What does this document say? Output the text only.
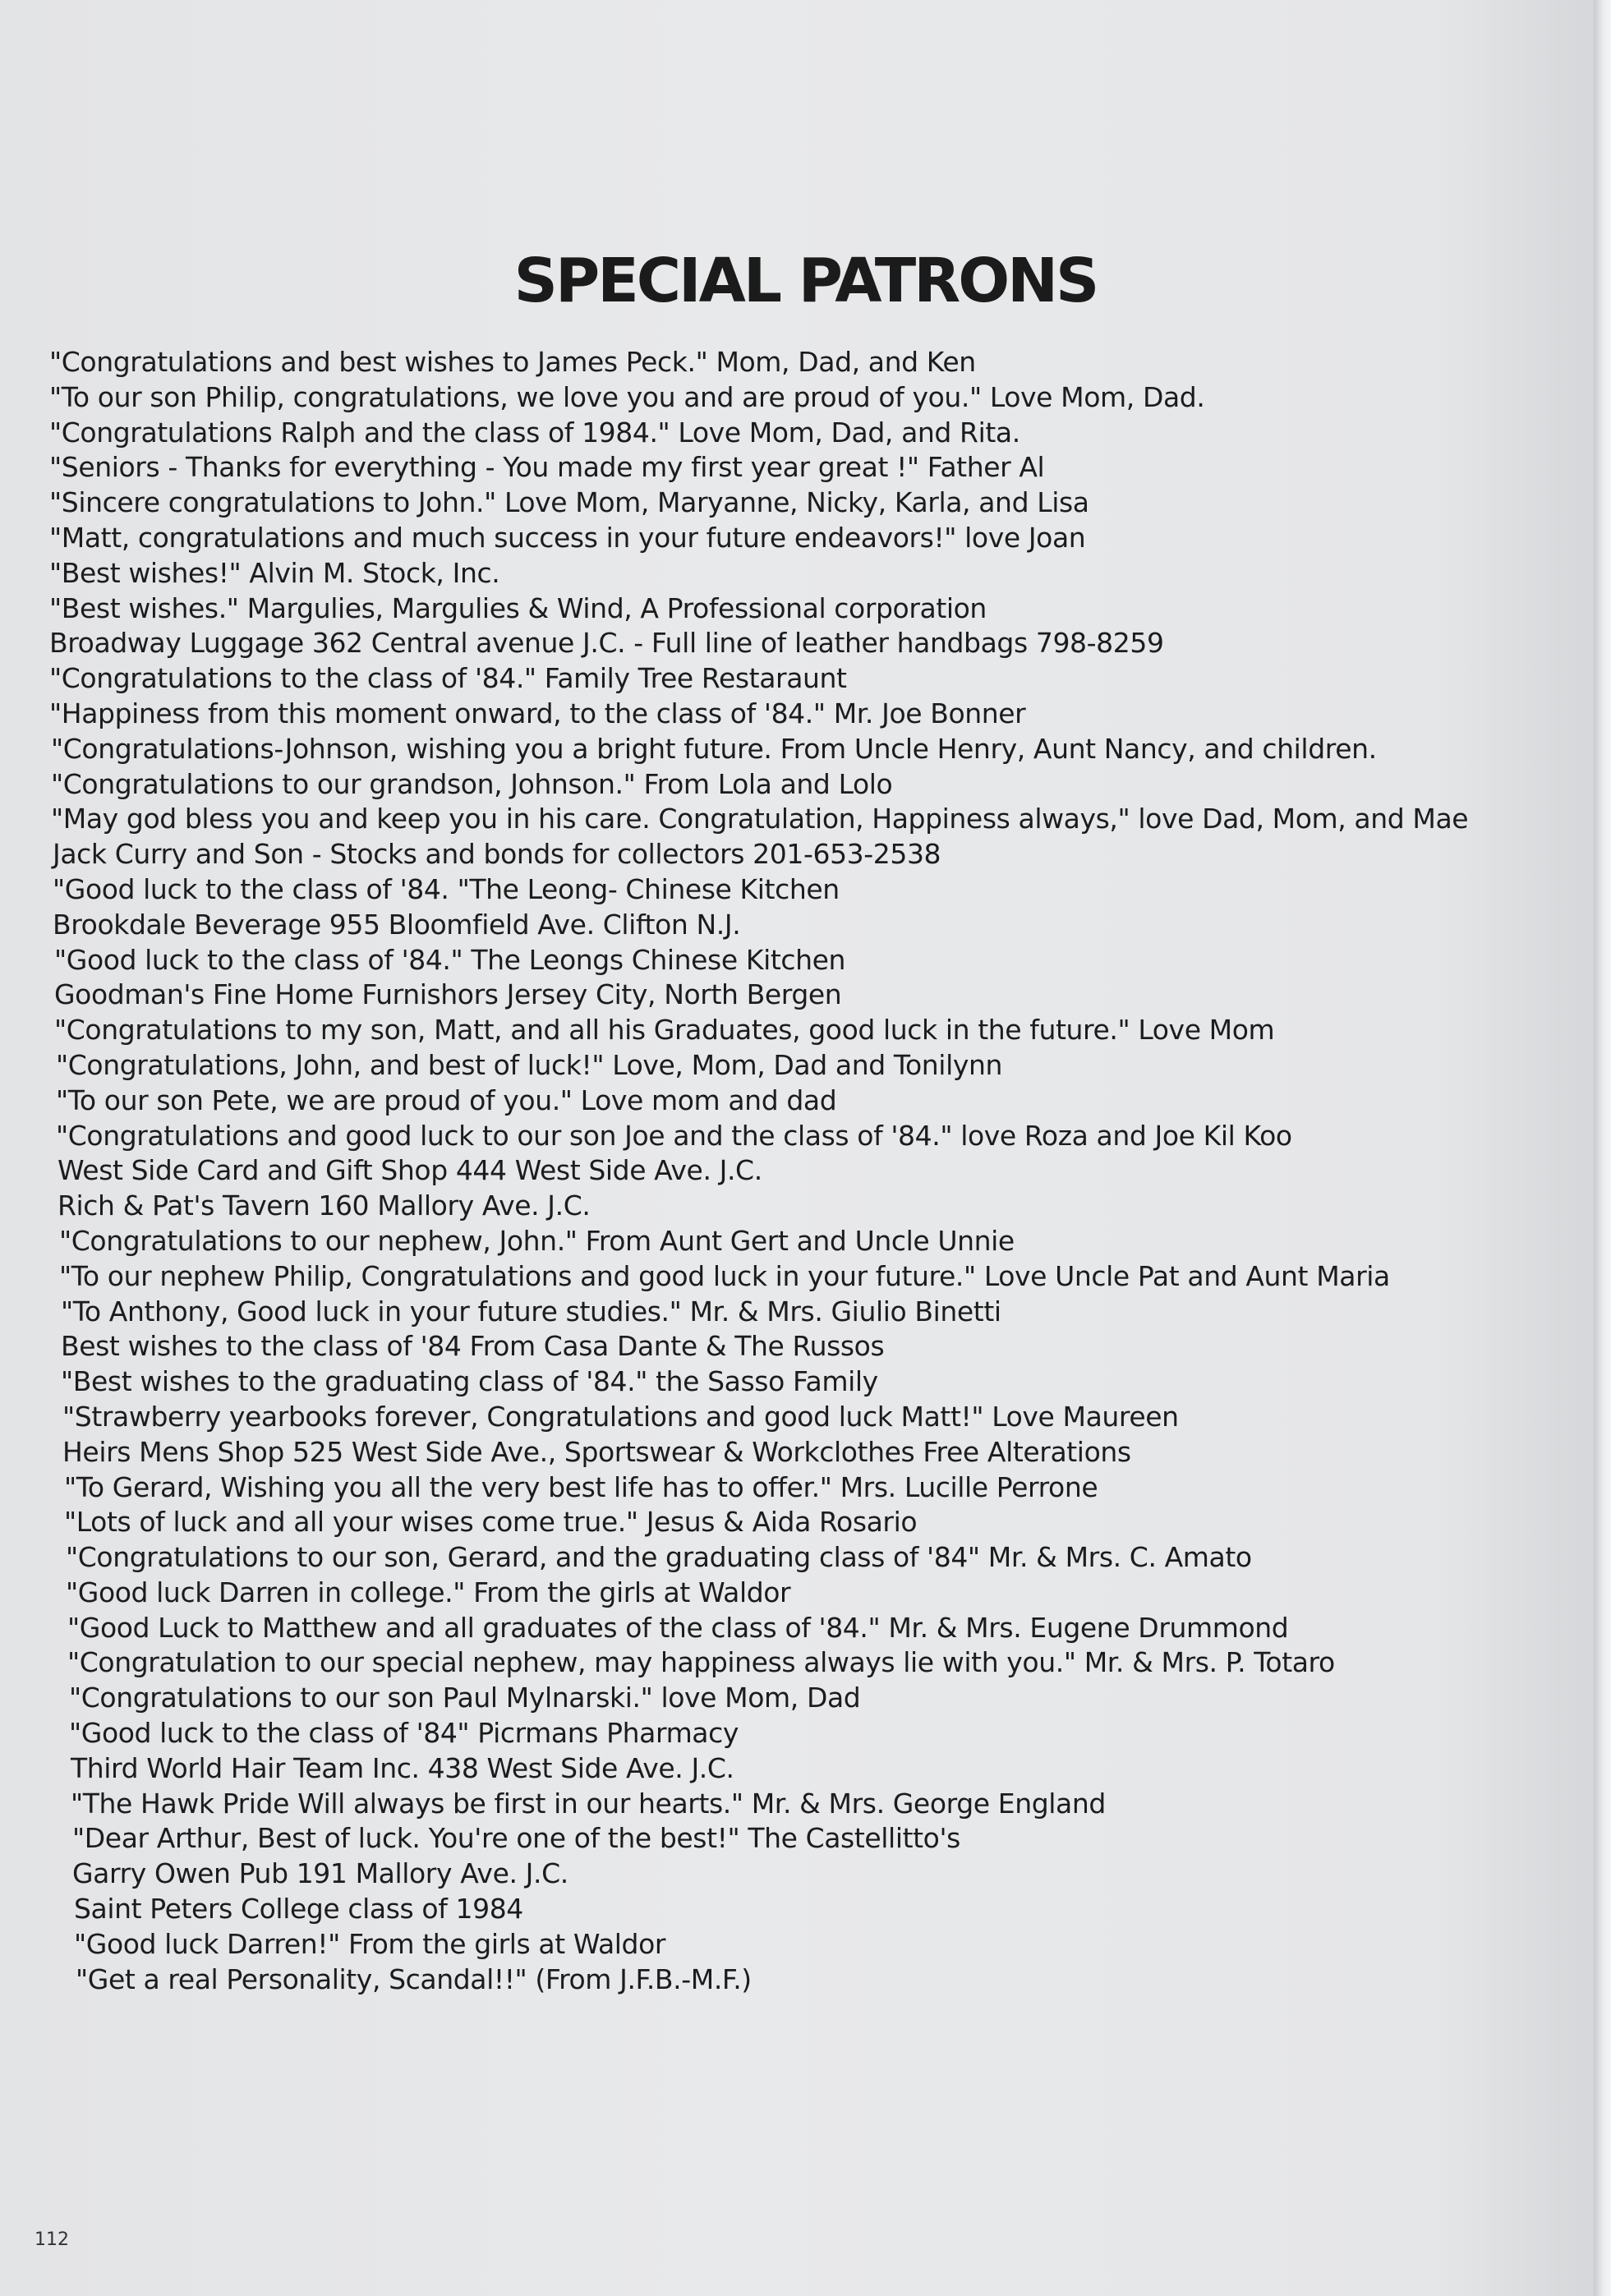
SPECIAL PATRONS
"Congratulations and best wishes to James Peck." Mom, Dad, and Ken
"To our son Philip, congratulations, we love you and are proud of you." Love Mom, Dad.
"Congratulations Ralph and the class of 1984." Love Mom, Dad, and Rita.
"Seniors - Thanks for everything - You made my first year great !" Father Al
"Sincere congratulations to John." Love Mom, Maryanne, Nicky, Karla, and Lisa
"Matt, congratulations and much success in your future endeavors!" love Joan
"Best wishes!" Alvin M. Stock, Inc.
"Best wishes." Margulies, Margulies & Wind, A Professional corporation
Broadway Luggage 362 Central avenue J.C. - Full line of leather handbags 798-8259
"Congratulations to the class of '84." Family Tree Restaraunt
"Happiness from this moment onward, to the class of '84." Mr. Joe Bonner
"Congratulations-Johnson, wishing you a bright future. From Uncle Henry, Aunt Nancy, and children.
"Congratulations to our grandson, Johnson." From Lola and Lolo
"May god bless you and keep you in his care. Congratulation, Happiness always," love Dad, Mom, and Mae
Jack Curry and Son - Stocks and bonds for collectors 201-653-2538
"Good luck to the class of '84. "The Leong- Chinese Kitchen
Brookdale Beverage 955 Bloomfield Ave. Clifton N.J.
"Good luck to the class of '84." The Leongs Chinese Kitchen
Goodman's Fine Home Furnishors Jersey City, North Bergen
"Congratulations to my son, Matt, and all his Graduates, good luck in the future." Love Mom
"Congratulations, John, and best of luck!" Love, Mom, Dad and Tonilynn
"To our son Pete, we are proud of you." Love mom and dad
"Congratulations and good luck to our son Joe and the class of '84." love Roza and Joe Kil Koo
West Side Card and Gift Shop 444 West Side Ave. J.C.
Rich & Pat's Tavern 160 Mallory Ave. J.C.
"Congratulations to our nephew, John." From Aunt Gert and Uncle Unnie
"To our nephew Philip, Congratulations and good luck in your future." Love Uncle Pat and Aunt Maria
"To Anthony, Good luck in your future studies." Mr. & Mrs. Giulio Binetti
Best wishes to the class of '84 From Casa Dante & The Russos
"Best wishes to the graduating class of '84." the Sasso Family
"Strawberry yearbooks forever, Congratulations and good luck Matt!" Love Maureen
Heirs Mens Shop 525 West Side Ave., Sportswear & Workclothes Free Alterations
"To Gerard, Wishing you all the very best life has to offer." Mrs. Lucille Perrone
"Lots of luck and all your wises come true." Jesus & Aida Rosario
"Congratulations to our son, Gerard, and the graduating class of '84" Mr. & Mrs. C. Amato
"Good luck Darren in college." From the girls at Waldor
"Good Luck to Matthew and all graduates of the class of '84." Mr. & Mrs. Eugene Drummond
"Congratulation to our special nephew, may happiness always lie with you." Mr. & Mrs. P. Totaro
"Congratulations to our son Paul Mylnarski." love Mom, Dad
"Good luck to the class of '84" Picrmans Pharmacy
Third World Hair Team Inc. 438 West Side Ave. J.C.
"The Hawk Pride Will always be first in our hearts." Mr. & Mrs. George England
"Dear Arthur, Best of luck. You're one of the best!" The Castellitto's
Garry Owen Pub 191 Mallory Ave. J.C.
Saint Peters College class of 1984
"Good luck Darren!" From the girls at Waldor
"Get a real Personality, Scandal!!" (From J.F.B.-M.F.)
112
